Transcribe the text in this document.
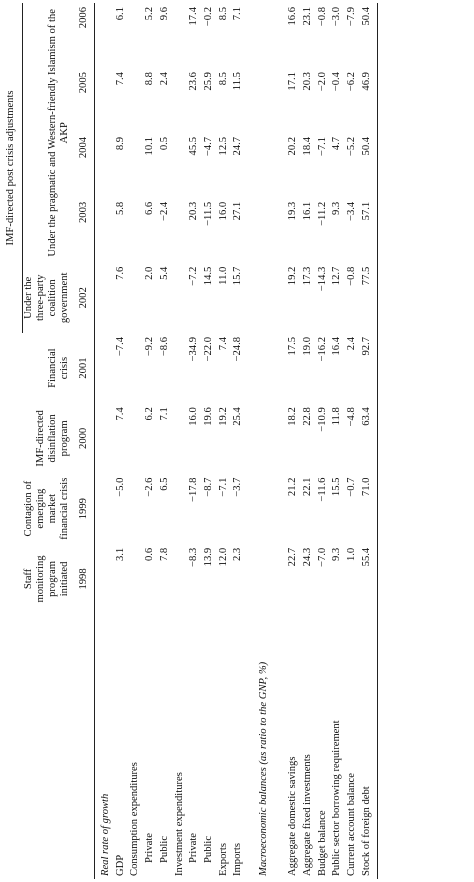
					IMF-directed post crisis adjustments				
	Staff monitoring program initiated	Contagion of emerging market financial crisis	IMF-directed disinflation program	Financial crisis	Under the three-party coalition government	Under the pragmatic and Western-friendly Islamism of the AKP			
	1998	1999	2000	2001	2002	2003	2004	2005	2006
Real rate of growth									
GDP	3.1	−5.0	7.4	−7.4	7.6	5.8	8.9	7.4	6.1
Consumption expenditures									
Private	0.6	−2.6	6.2	−9.2	2.0	6.6	10.1	8.8	5.2
Public	7.8	6.5	7.1	−8.6	5.4	−2.4	0.5	2.4	9.6
Investment expenditures									
Private	−8.3	−17.8	16.0	−34.9	−7.2	20.3	45.5	23.6	17.4
Public	13.9	−8.7	19.6	−22.0	14.5	−11.5	−4.7	25.9	−0.2
Exports	12.0	−7.1	19.2	7.4	11.0	16.0	12.5	8.5	8.5
Imports	2.3	−3.7	25.4	−24.8	15.7	27.1	24.7	11.5	7.1

Macroeconomic balances (as ratio to the GNP, %)									

Aggregate domestic savings	22.7	21.2	18.2	17.5	19.2	19.3	20.2	17.1	16.6
Aggregate fixed investments	24.3	22.1	22.8	19.0	17.3	16.1	18.4	20.3	23.1
Budget balance	−7.0	−11.6	−10.9	−16.2	−14.3	−11.2	−7.1	−2.0	−0.8
Public sector borrowing requirement	9.3	15.5	11.8	16.4	12.7	9.3	4.7	−0.4	−3.0
Current account balance	1.0	−0.7	−4.8	2.4	−0.8	−3.4	−5.2	−6.2	−7.9
Stock of foreign debt	55.4	71.0	63.4	92.7	77.5	57.1	50.4	46.9	50.4
